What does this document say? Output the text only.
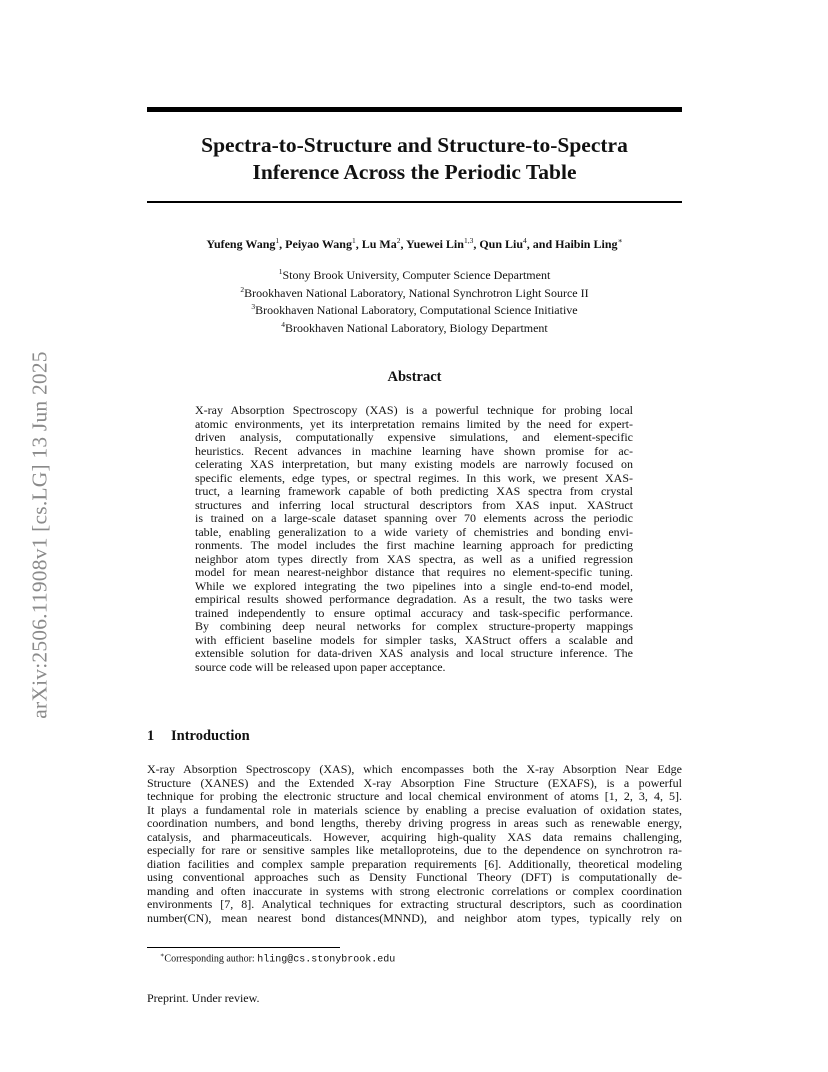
arXiv:2506.11908v1 [cs.LG] 13 Jun 2025
Spectra-to-Structure and Structure-to-Spectra
Inference Across the Periodic Table
Yufeng Wang$^1$, Peiyao Wang$^1$, Lu Ma$^2$, Yuewei Lin$^{1,3}$, Qun Liu$^4$, and Haibin Ling∗
$^1$Stony Brook University, Computer Science Department
$^2$Brookhaven National Laboratory, National Synchrotron Light Source II
$^3$Brookhaven National Laboratory, Computational Science Initiative
$^4$Brookhaven National Laboratory, Biology Department
Abstract
X-ray Absorption Spectroscopy (XAS) is a powerful technique for probing local
atomic environments, yet its interpretation remains limited by the need for expert-
driven analysis, computationally expensive simulations, and element-specific
heuristics. Recent advances in machine learning have shown promise for ac-
celerating XAS interpretation, but many existing models are narrowly focused on
specific elements, edge types, or spectral regimes. In this work, we present XAS-
truct, a learning framework capable of both predicting XAS spectra from crystal
structures and inferring local structural descriptors from XAS input. XAStruct
is trained on a large-scale dataset spanning over 70 elements across the periodic
table, enabling generalization to a wide variety of chemistries and bonding envi-
ronments. The model includes the first machine learning approach for predicting
neighbor atom types directly from XAS spectra, as well as a unified regression
model for mean nearest-neighbor distance that requires no element-specific tuning.
While we explored integrating the two pipelines into a single end-to-end model,
empirical results showed performance degradation. As a result, the two tasks were
trained independently to ensure optimal accuracy and task-specific performance.
By combining deep neural networks for complex structure-property mappings
with efficient baseline models for simpler tasks, XAStruct offers a scalable and
extensible solution for data-driven XAS analysis and local structure inference. The
source code will be released upon paper acceptance.
1 Introduction
X-ray Absorption Spectroscopy (XAS), which encompasses both the X-ray Absorption Near Edge
Structure (XANES) and the Extended X-ray Absorption Fine Structure (EXAFS), is a powerful
technique for probing the electronic structure and local chemical environment of atoms [1, 2, 3, 4, 5].
It plays a fundamental role in materials science by enabling a precise evaluation of oxidation states,
coordination numbers, and bond lengths, thereby driving progress in areas such as renewable energy,
catalysis, and pharmaceuticals. However, acquiring high-quality XAS data remains challenging,
especially for rare or sensitive samples like metalloproteins, due to the dependence on synchrotron ra-
diation facilities and complex sample preparation requirements [6]. Additionally, theoretical modeling
using conventional approaches such as Density Functional Theory (DFT) is computationally de-
manding and often inaccurate in systems with strong electronic correlations or complex coordination
environments [7, 8]. Analytical techniques for extracting structural descriptors, such as coordination
number(CN), mean nearest bond distances(MNND), and neighbor atom types, typically rely on
∗Corresponding author: hling@cs.stonybrook.edu
Preprint. Under review.
